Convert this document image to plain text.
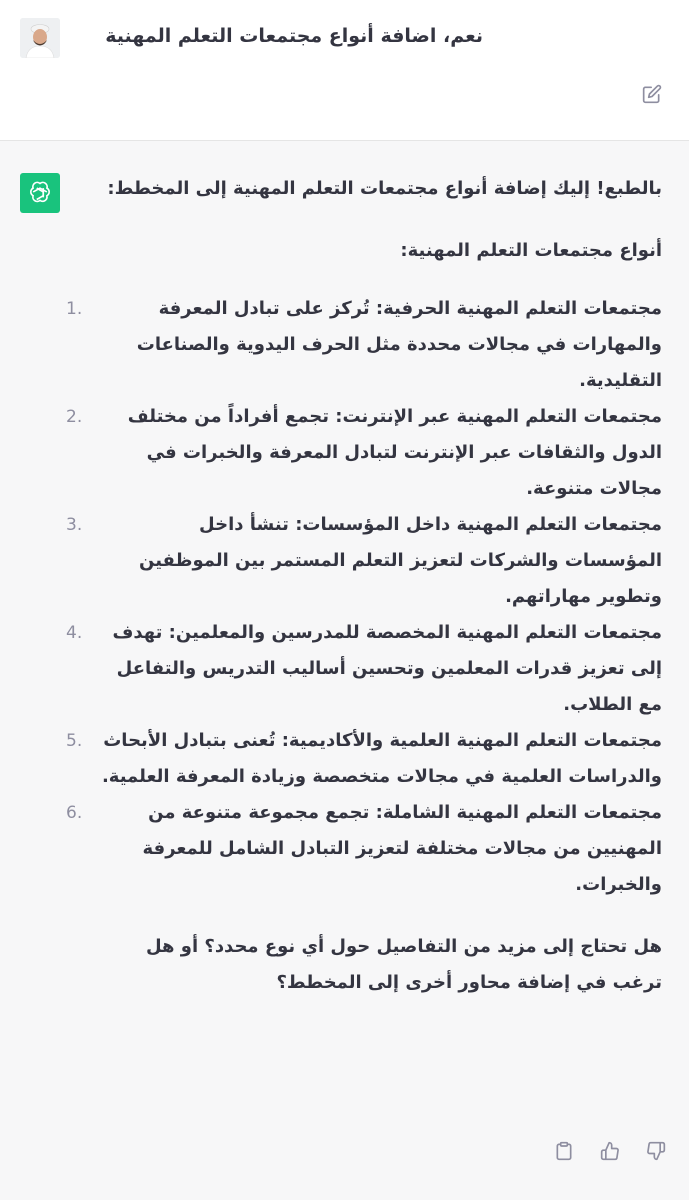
نعم، اضافة أنواع مجتمعات التعلم المهنية

بالطبع! إليك إضافة أنواع مجتمعات التعلم المهنية إلى المخطط:

أنواع مجتمعات التعلم المهنية:

1.	مجتمعات التعلم المهنية الحرفية: تُركز على تبادل المعرفة والمهارات في مجالات محددة مثل الحرف اليدوية والصناعات التقليدية.
2.	مجتمعات التعلم المهنية عبر الإنترنت: تجمع أفراداً من مختلف الدول والثقافات عبر الإنترنت لتبادل المعرفة والخبرات في مجالات متنوعة.
3.	مجتمعات التعلم المهنية داخل المؤسسات: تنشأ داخل المؤسسات والشركات لتعزيز التعلم المستمر بين الموظفين وتطوير مهاراتهم.
4. مجتمعات التعلم المهنية المخصصة للمدرسين والمعلمين: تهدف إلى تعزيز قدرات المعلمين وتحسين أساليب التدريس والتفاعل مع الطلاب.
5. مجتمعات التعلم المهنية العلمية والأكاديمية: تُعنى بتبادل الأبحاث والدراسات العلمية في مجالات متخصصة وزيادة المعرفة العلمية.
6.	مجتمعات التعلم المهنية الشاملة: تجمع مجموعة متنوعة من المهنيين من مجالات مختلفة لتعزيز التبادل الشامل للمعرفة والخبرات.

هل تحتاج إلى مزيد من التفاصيل حول أي نوع محدد؟ أو هل ترغب في إضافة محاور أخرى إلى المخطط؟
